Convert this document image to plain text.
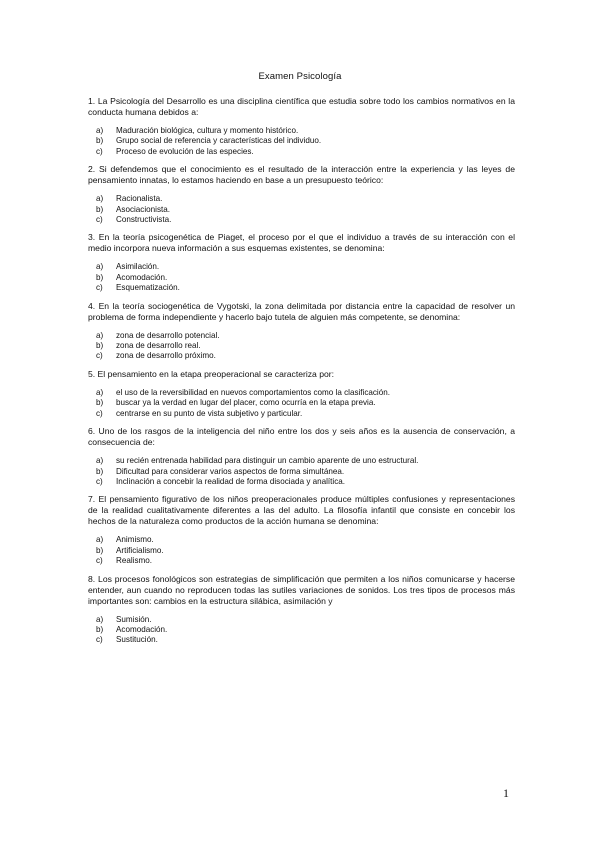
Examen Psicología

1. La Psicología del Desarrollo es una disciplina científica que estudia sobre todo los cambios normativos en la conducta humana debidos a:

a)	Maduración biológica, cultura y momento histórico.
b)	Grupo social de referencia y características del individuo.
c)	Proceso de evolución de las especies.

2. Si defendemos que el conocimiento es el resultado de la interacción entre la experiencia y las leyes de pensamiento innatas, lo estamos haciendo en base a un presupuesto teórico:

a)	Racionalista.
b)	Asociacionista.
c)	Constructivista.

3. En la teoría psicogenética de Piaget, el proceso por el que el individuo a través de su interacción con el medio incorpora nueva información a sus esquemas existentes, se denomina:

a)	Asimilación.
b)	Acomodación.
c)	Esquematización.

4. En la teoría sociogenética de Vygotski, la zona delimitada por distancia entre la capacidad de resolver un problema de forma independiente y hacerlo bajo tutela de alguien más competente, se denomina:

a)	zona de desarrollo potencial.
b)	zona de desarrollo real.
c)	zona de desarrollo próximo.

5. El pensamiento en la etapa preoperacional se caracteriza por:

a)	el uso de la reversibilidad en nuevos comportamientos como la clasificación.
b)	buscar ya la verdad en lugar del placer, como ocurría en la etapa previa.
c)	centrarse en su punto de vista subjetivo y particular.

6. Uno de los rasgos de la inteligencia del niño entre los dos y seis años es la ausencia de conservación, a consecuencia de:

a)	su recién entrenada habilidad para distinguir un cambio aparente de uno estructural.
b)	Dificultad para considerar varios aspectos de forma simultánea.
c)	Inclinación a concebir la realidad de forma disociada y analítica.

7. El pensamiento figurativo de los niños preoperacionales produce múltiples confusiones y representaciones de la realidad cualitativamente diferentes a las del adulto. La filosofía infantil que consiste en concebir los hechos de la naturaleza como productos de la acción humana se denomina:

a)	Animismo.
b)	Artificialismo.
c)	Realismo.

8. Los procesos fonológicos son estrategias de simplificación que permiten a los niños comunicarse y hacerse entender, aun cuando no reproducen todas las sutiles variaciones de sonidos. Los tres tipos de procesos más importantes son: cambios en la estructura silábica, asimilación y

a)	Sumisión.
b)	Acomodación.
c)	Sustitución.
1
